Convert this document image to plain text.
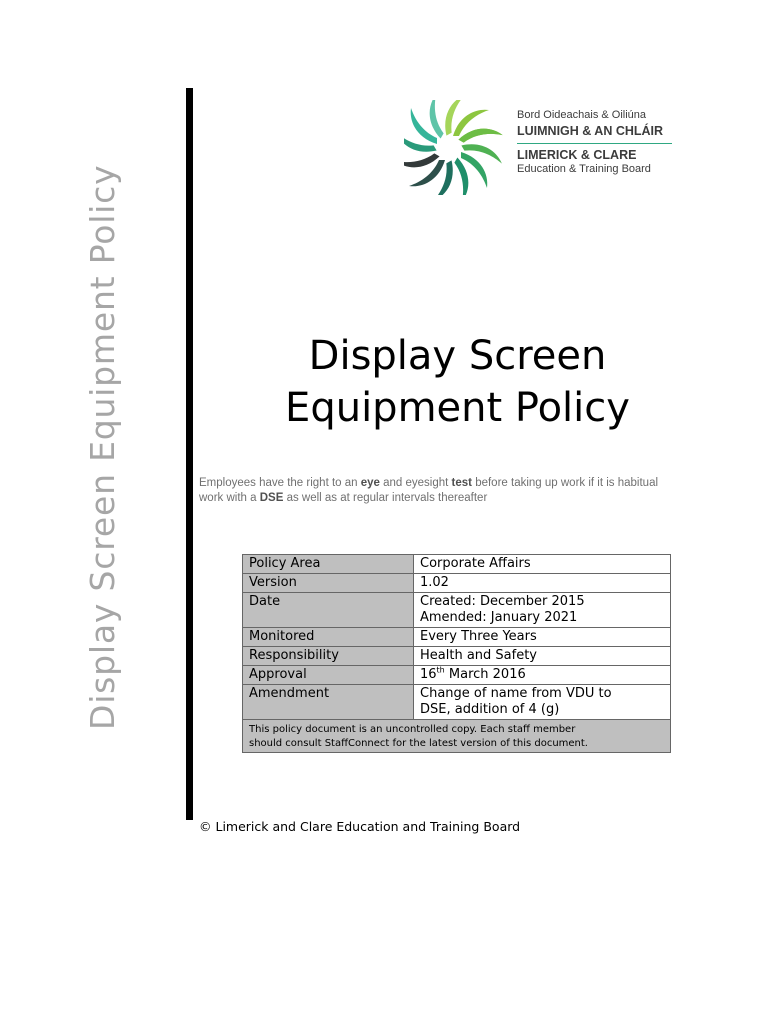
Display Screen Equipment Policy
Bord Oideachais & Oiliúna
LUIMNIGH & AN CHLÁIR
LIMERICK & CLARE
Education & Training Board
Display Screen
Equipment Policy
Employees have the right to an eye and eyesight test before taking up work if it is habitual work with a DSE as well as at regular intervals thereafter
Policy Area	Corporate Affairs
Version	1.02
Date	Created: December 2015
Amended: January 2021

Monitored	Every Three Years
Responsibility	Health and Safety
Approval	16th March 2016
Amendment	Change of name from VDU to
DSE, addition of 4 (g)

This policy document is an uncontrolled copy. Each staff member
should consult StaffConnect for the latest version of this document.	
© Limerick and Clare Education and Training Board
